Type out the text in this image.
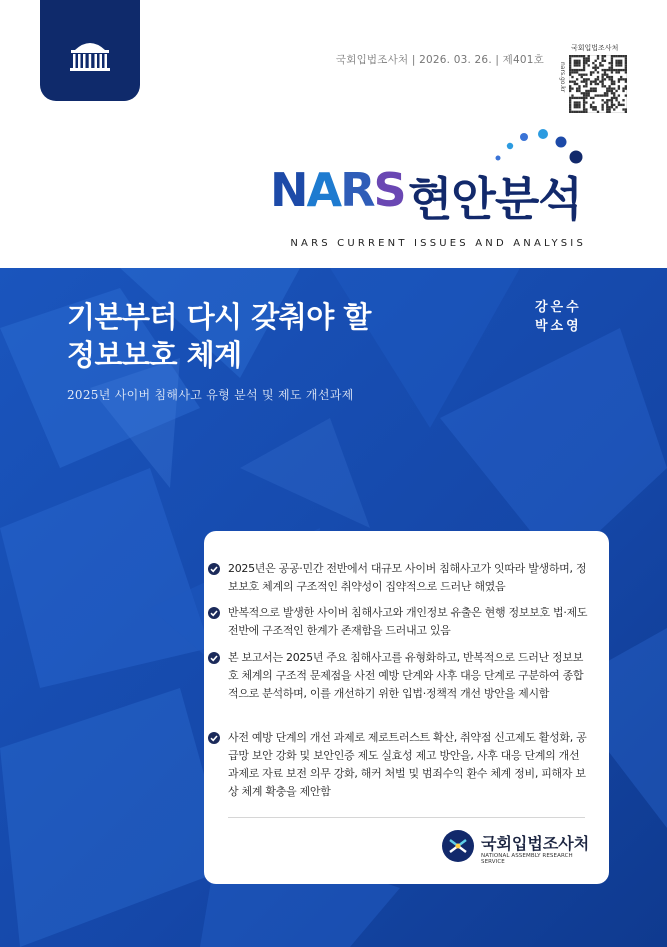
국회입법조사처 | 2026. 03. 26. | 제401호
국회입법조사처
nars.go.kr
NARS 현안분석
NARS CURRENT ISSUES AND ANALYSIS
기본부터 다시 갖춰야 할
정보보호 체계
강은수
박소영
2025년 사이버 침해사고 유형 분석 및 제도 개선과제
2025년은 공공·민간 전반에서 대규모 사이버 침해사고가 잇따라 발생하며, 정보보호 체계의 구조적인 취약성이 집약적으로 드러난 해였음
반복적으로 발생한 사이버 침해사고와 개인정보 유출은 현행 정보보호 법·제도 전반에 구조적인 한계가 존재함을 드러내고 있음
본 보고서는 2025년 주요 침해사고를 유형화하고, 반복적으로 드러난 정보보호 체계의 구조적 문제점을 사전 예방 단계와 사후 대응 단계로 구분하여 종합적으로 분석하며, 이를 개선하기 위한 입법·정책적 개선 방안을 제시함
사전 예방 단계의 개선 과제로 제로트러스트 확산, 취약점 신고제도 활성화, 공급망 보안 강화 및 보안인증 제도 실효성 제고 방안을, 사후 대응 단계의 개선 과제로 자료 보전 의무 강화, 해커 처벌 및 범죄수익 환수 체계 정비, 피해자 보상 체계 확충을 제안함
국회입법조사처
NATIONAL ASSEMBLY RESEARCH SERVICE
